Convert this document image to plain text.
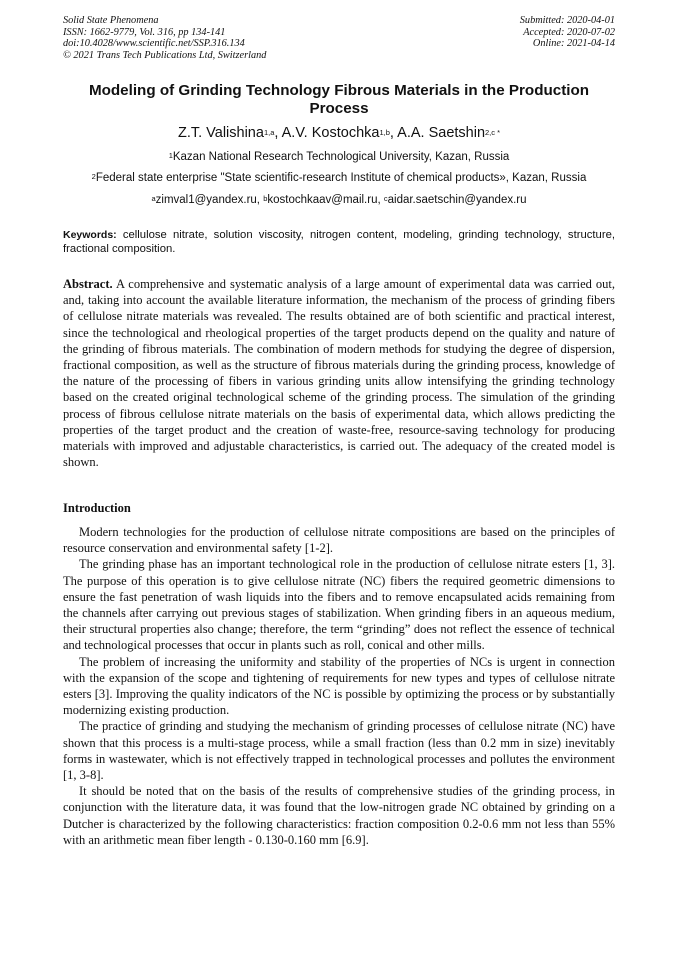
Solid State Phenomena
ISSN: 1662-9779, Vol. 316, pp 134-141
doi:10.4028/www.scientific.net/SSP.316.134
© 2021 Trans Tech Publications Ltd, Switzerland
Submitted: 2020-04-01
Accepted: 2020-07-02
Online: 2021-04-14
Modeling of Grinding Technology Fibrous Materials in the Production Process
Z.T. Valishina$^{1,a}$, A.V. Kostochka$^{1,b}$, A.A. Saetshin$^{2,c *}$
$^1$Kazan National Research Technological University, Kazan, Russia
$^2$Federal state enterprise "State scientific-research Institute of chemical products», Kazan, Russia
$^a$zimval1@yandex.ru, $^b$kostochkaav@mail.ru, $^c$aidar.saetschin@yandex.ru
Keywords: cellulose nitrate, solution viscosity, nitrogen content, modeling, grinding technology, structure, fractional composition.

Abstract. A comprehensive and systematic analysis of a large amount of experimental data was carried out, and, taking into account the available literature information, the mechanism of the process of grinding fibers of cellulose nitrate materials was revealed. The results obtained are of both scientific and practical interest, since the technological and rheological properties of the target products depend on the quality and nature of the grinding of fibrous materials. The combination of modern methods for studying the degree of dispersion, fractional composition, as well as the structure of fibrous materials during the grinding process, knowledge of the nature of the processing of fibers in various grinding units allow intensifying the grinding technology based on the created original technological scheme of the grinding process. The simulation of the grinding process of fibrous cellulose nitrate materials on the basis of experimental data, which allows predicting the properties of the target product and the creation of waste-free, resource-saving technology for producing materials with improved and adjustable characteristics, is carried out. The adequacy of the created model is shown.

Introduction

Modern technologies for the production of cellulose nitrate compositions are based on the principles of resource conservation and environmental safety [1-2].

The grinding phase has an important technological role in the production of cellulose nitrate esters [1, 3]. The purpose of this operation is to give cellulose nitrate (NC) fibers the required geometric dimensions to ensure the fast penetration of wash liquids into the fibers and to remove encapsulated acids remaining from the channels after carrying out previous stages of stabilization. When grinding fibers in an aqueous medium, their structural properties also change; therefore, the term “grinding” does not reflect the essence of technical and technological processes that occur in plants such as roll, conical and other mills.

The problem of increasing the uniformity and stability of the properties of NCs is urgent in connection with the expansion of the scope and tightening of requirements for new types and types of cellulose nitrate esters [3]. Improving the quality indicators of the NC is possible by optimizing the process or by substantially modernizing existing production.

The practice of grinding and studying the mechanism of grinding processes of cellulose nitrate (NC) have shown that this process is a multi-stage process, while a small fraction (less than 0.2 mm in size) inevitably forms in wastewater, which is not effectively trapped in technological processes and pollutes the environment [1, 3-8].

It should be noted that on the basis of the results of comprehensive studies of the grinding process, in conjunction with the literature data, it was found that the low-nitrogen grade NC obtained by grinding on a Dutcher is characterized by the following characteristics: fraction composition 0.2-0.6 mm not less than 55% with an arithmetic mean fiber length - 0.130-0.160 mm [6.9].
